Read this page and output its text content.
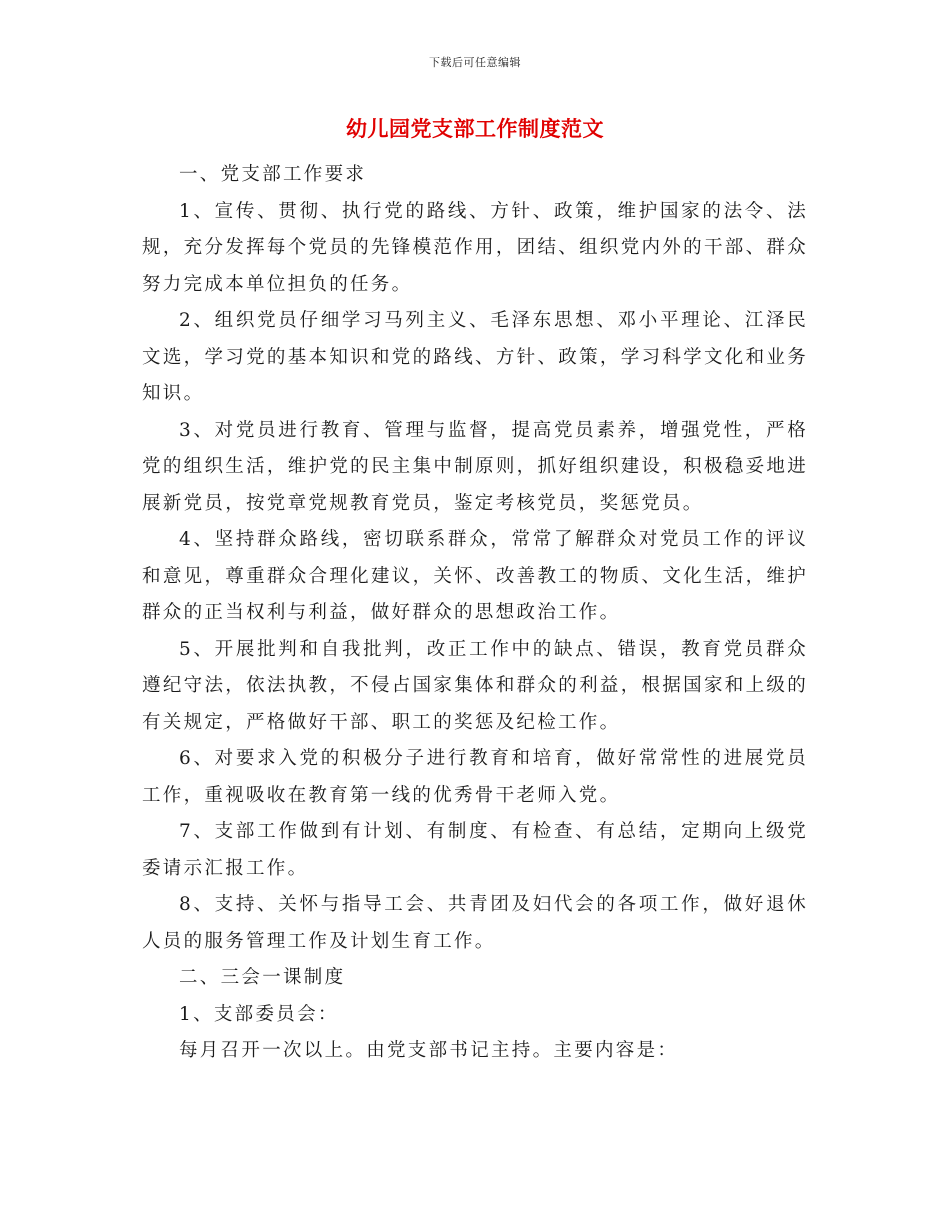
下载后可任意编辑
幼儿园党支部工作制度范文

一、党支部工作要求

1、宣传、贯彻、执行党的路线、方针、政策，维护国家的法令、法规，充分发挥每个党员的先锋模范作用，团结、组织党内外的干部、群众努力完成本单位担负的任务。

2、组织党员仔细学习马列主义、毛泽东思想、邓小平理论、江泽民文选，学习党的基本知识和党的路线、方针、政策，学习科学文化和业务知识。

3、对党员进行教育、管理与监督，提高党员素养，增强党性，严格党的组织生活，维护党的民主集中制原则，抓好组织建设，积极稳妥地进展新党员，按党章党规教育党员，鉴定考核党员，奖惩党员。

4、坚持群众路线，密切联系群众，常常了解群众对党员工作的评议和意见，尊重群众合理化建议，关怀、改善教工的物质、文化生活，维护群众的正当权利与利益，做好群众的思想政治工作。

5、开展批判和自我批判，改正工作中的缺点、错误，教育党员群众遵纪守法，依法执教，不侵占国家集体和群众的利益，根据国家和上级的有关规定，严格做好干部、职工的奖惩及纪检工作。

6、对要求入党的积极分子进行教育和培育，做好常常性的进展党员工作，重视吸收在教育第一线的优秀骨干老师入党。

7、支部工作做到有计划、有制度、有检查、有总结，定期向上级党委请示汇报工作。

8、支持、关怀与指导工会、共青团及妇代会的各项工作，做好退休人员的服务管理工作及计划生育工作。

二、三会一课制度

1、支部委员会：

每月召开一次以上。由党支部书记主持。主要内容是：
